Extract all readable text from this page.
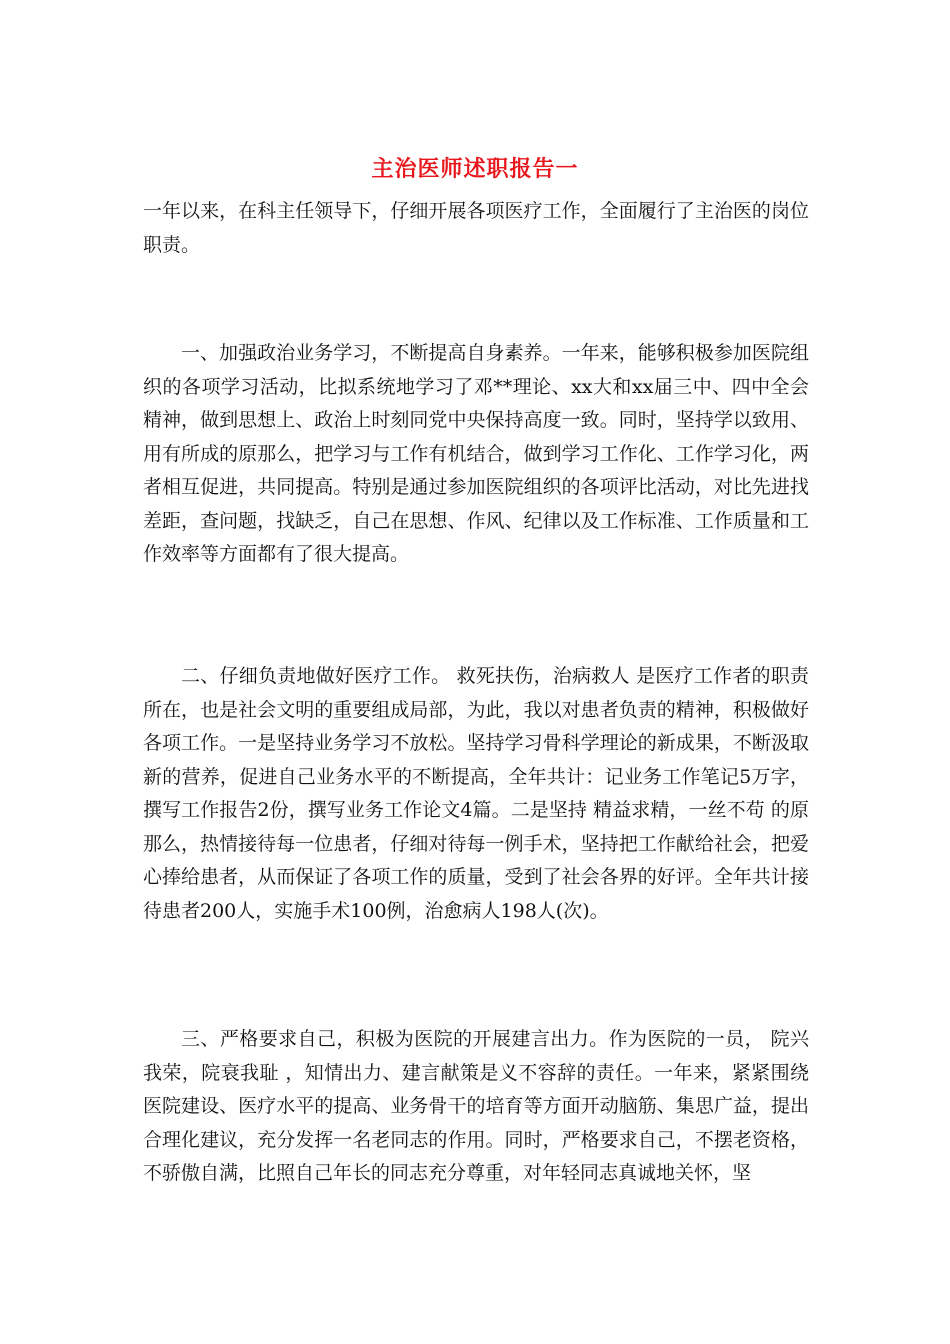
主治医师述职报告一

一年以来，在科主任领导下，仔细开展各项医疗工作，全面履行了主治医的岗位职责。

一、加强政治业务学习，不断提高自身素养。一年来，能够积极参加医院组织的各项学习活动，比拟系统地学习了邓**理论、xx大和xx届三中、四中全会精神，做到思想上、政治上时刻同党中央保持高度一致。同时，坚持学以致用、用有所成的原那么，把学习与工作有机结合，做到学习工作化、工作学习化，两者相互促进，共同提高。特别是通过参加医院组织的各项评比活动，对比先进找差距，查问题，找缺乏，自己在思想、作风、纪律以及工作标准、工作质量和工作效率等方面都有了很大提高。

二、仔细负责地做好医疗工作。 救死扶伤，治病救人 是医疗工作者的职责所在，也是社会文明的重要组成局部，为此，我以对患者负责的精神，积极做好各项工作。一是坚持业务学习不放松。坚持学习骨科学理论的新成果，不断汲取新的营养，促进自己业务水平的不断提高，全年共计：记业务工作笔记5万字，撰写工作报告2份，撰写业务工作论文4篇。二是坚持 精益求精，一丝不苟 的原那么，热情接待每一位患者，仔细对待每一例手术，坚持把工作献给社会，把爱心捧给患者，从而保证了各项工作的质量，受到了社会各界的好评。全年共计接待患者200人，实施手术100例，治愈病人198人(次)。

三、严格要求自己，积极为医院的开展建言出力。作为医院的一员， 院兴我荣，院衰我耻 ，知情出力、建言献策是义不容辞的责任。一年来，紧紧围绕医院建设、医疗水平的提高、业务骨干的培育等方面开动脑筋、集思广益，提出合理化建议，充分发挥一名老同志的作用。同时，严格要求自己，不摆老资格，不骄傲自满，比照自己年长的同志充分尊重，对年轻同志真诚地关怀，坚
